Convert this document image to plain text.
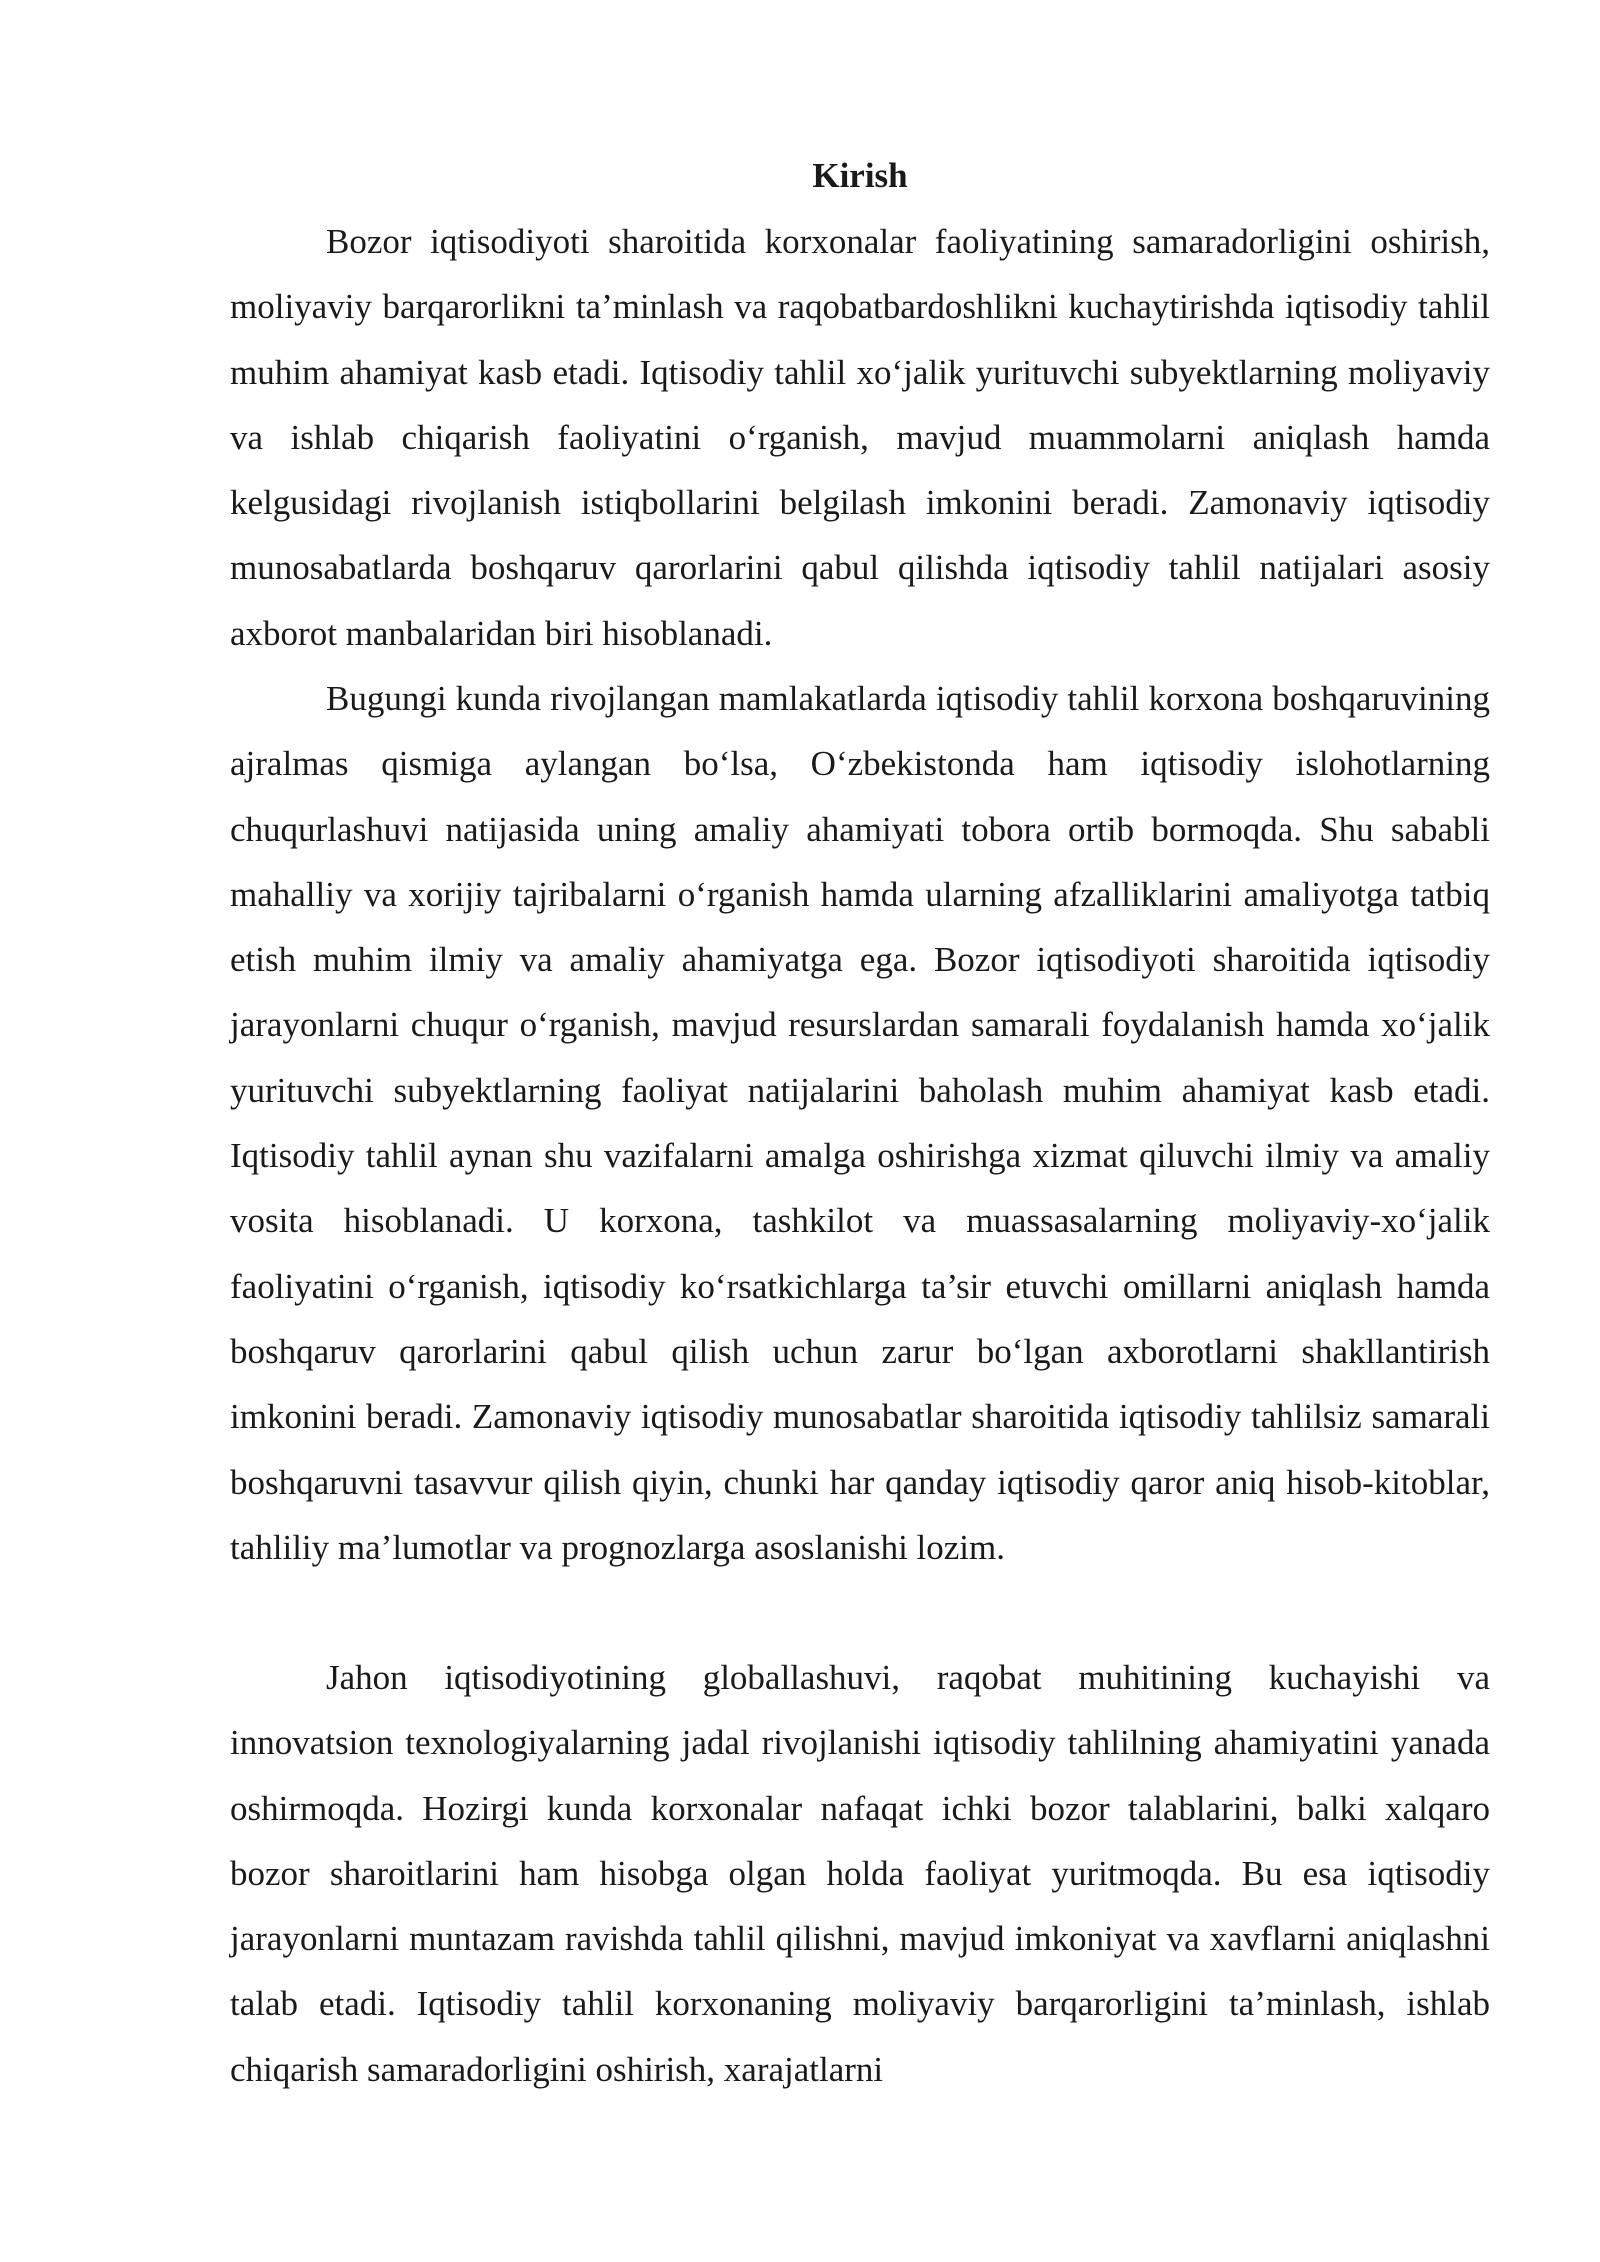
Kirish

Bozor iqtisodiyoti sharoitida korxonalar faoliyatining samaradorligini oshirish, moliyaviy barqarorlikni ta’minlash va raqobatbardoshlikni kuchaytirishda iqtisodiy tahlil muhim ahamiyat kasb etadi. Iqtisodiy tahlil xo‘jalik yurituvchi subyektlarning moliyaviy va ishlab chiqarish faoliyatini o‘rganish, mavjud muammolarni aniqlash hamda kelgusidagi rivojlanish istiqbollarini belgilash imkonini beradi. Zamonaviy iqtisodiy munosabatlarda boshqaruv qarorlarini qabul qilishda iqtisodiy tahlil natijalari asosiy axborot manbalaridan biri hisoblanadi.

Bugungi kunda rivojlangan mamlakatlarda iqtisodiy tahlil korxona boshqaruvining ajralmas qismiga aylangan bo‘lsa, O‘zbekistonda ham iqtisodiy islohotlarning chuqurlashuvi natijasida uning amaliy ahamiyati tobora ortib bormoqda. Shu sababli mahalliy va xorijiy tajribalarni o‘rganish hamda ularning afzalliklarini amaliyotga tatbiq etish muhim ilmiy va amaliy ahamiyatga ega. Bozor iqtisodiyoti sharoitida iqtisodiy jarayonlarni chuqur o‘rganish, mavjud resurslardan samarali foydalanish hamda xo‘jalik yurituvchi subyektlarning faoliyat natijalarini baholash muhim ahamiyat kasb etadi. Iqtisodiy tahlil aynan shu vazifalarni amalga oshirishga xizmat qiluvchi ilmiy va amaliy vosita hisoblanadi. U korxona, tashkilot va muassasalarning moliyaviy-xo‘jalik faoliyatini o‘rganish, iqtisodiy ko‘rsatkichlarga ta’sir etuvchi omillarni aniqlash hamda boshqaruv qarorlarini qabul qilish uchun zarur bo‘lgan axborotlarni shakllantirish imkonini beradi. Zamonaviy iqtisodiy munosabatlar sharoitida iqtisodiy tahlilsiz samarali boshqaruvni tasavvur qilish qiyin, chunki har qanday iqtisodiy qaror aniq hisob-kitoblar, tahliliy ma’lumotlar va prognozlarga asoslanishi lozim.

Jahon iqtisodiyotining globallashuvi, raqobat muhitining kuchayishi va innovatsion texnologiyalarning jadal rivojlanishi iqtisodiy tahlilning ahamiyatini yanada oshirmoqda. Hozirgi kunda korxonalar nafaqat ichki bozor talablarini, balki xalqaro bozor sharoitlarini ham hisobga olgan holda faoliyat yuritmoqda. Bu esa iqtisodiy jarayonlarni muntazam ravishda tahlil qilishni, mavjud imkoniyat va xavflarni aniqlashni talab etadi. Iqtisodiy tahlil korxonaning moliyaviy barqarorligini ta’minlash, ishlab chiqarish samaradorligini oshirish, xarajatlarni
